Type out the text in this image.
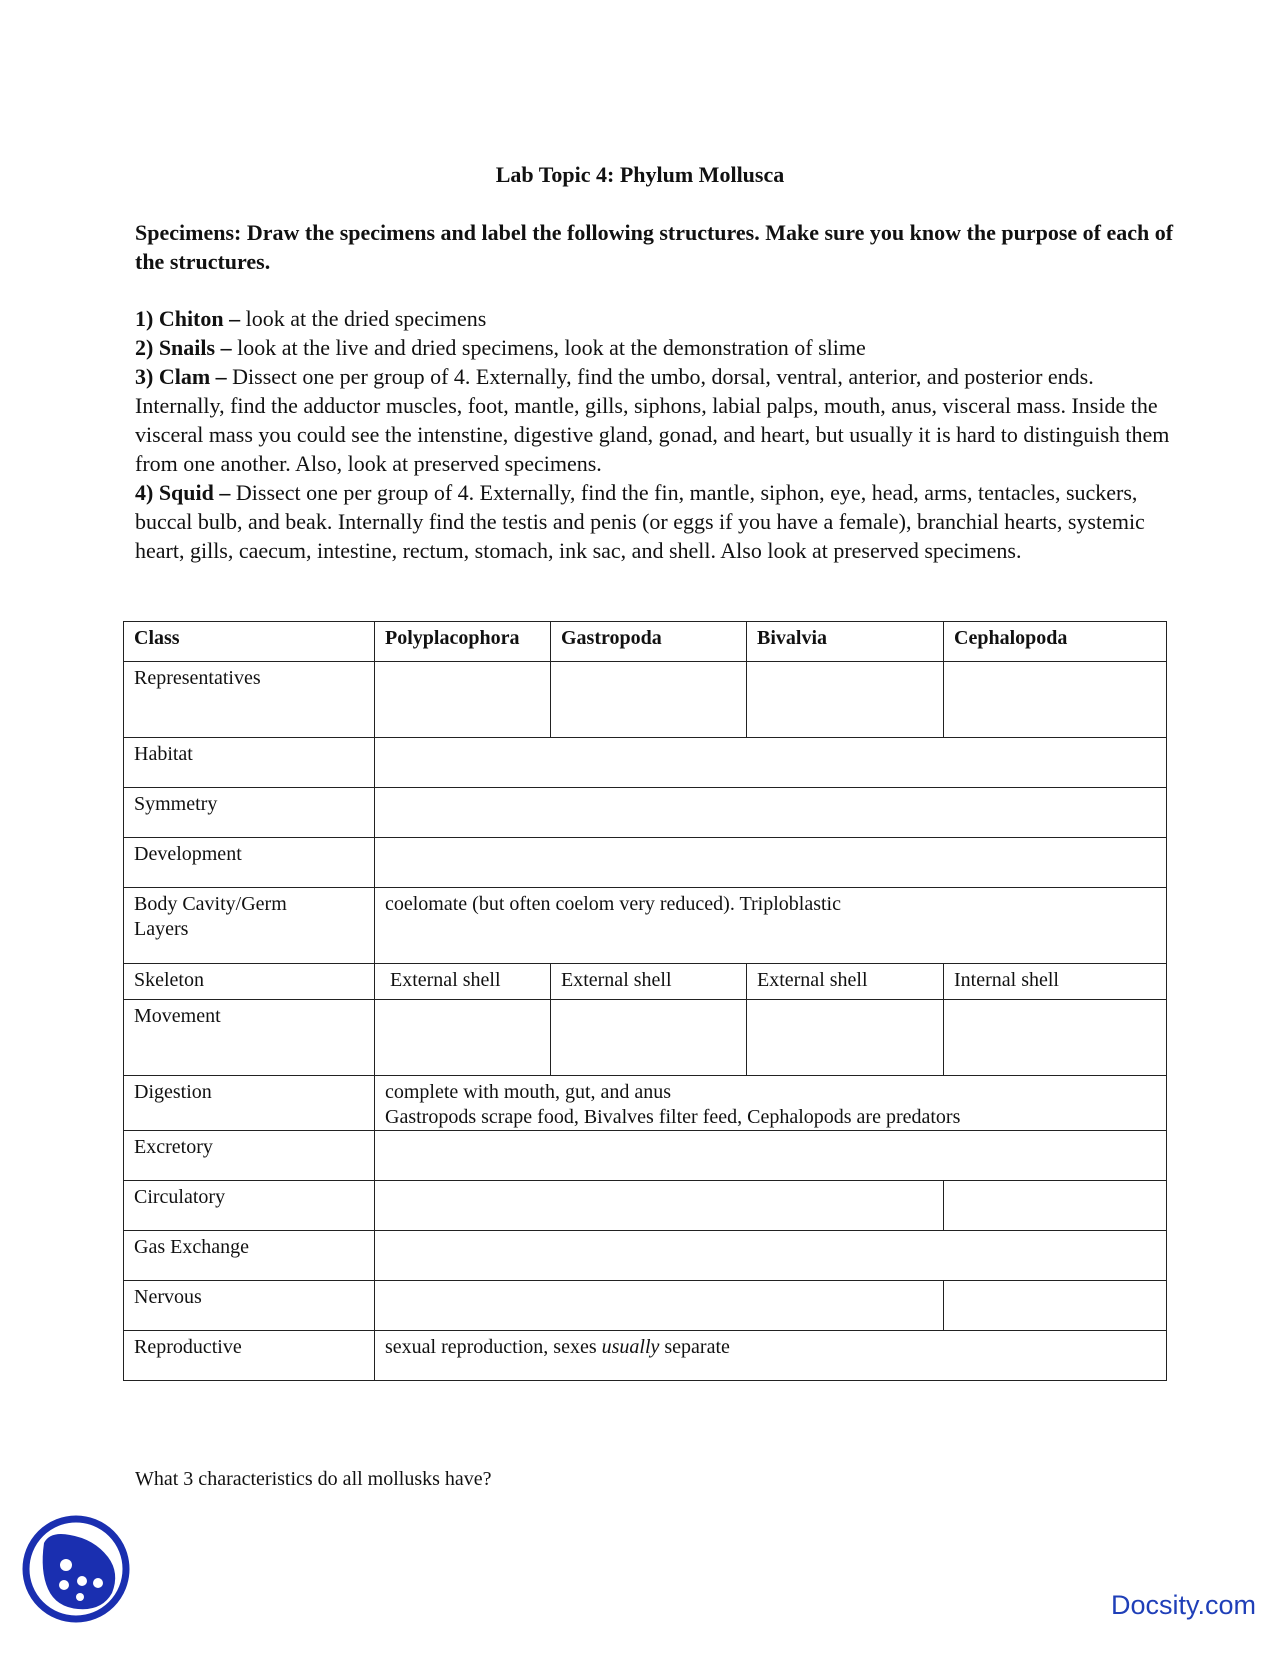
Lab Topic 4: Phylum Mollusca
Specimens: Draw the specimens and label the following structures. Make sure you know the purpose of each of the structures.

1) Chiton – look at the dried specimens

2) Snails – look at the live and dried specimens, look at the demonstration of slime

3) Clam – Dissect one per group of 4. Externally, find the umbo, dorsal, ventral, anterior, and posterior ends. Internally, find the adductor muscles, foot, mantle, gills, siphons, labial palps, mouth, anus, visceral mass. Inside the visceral mass you could see the intenstine, digestive gland, gonad, and heart, but usually it is hard to distinguish them from one another. Also, look at preserved specimens.

4) Squid – Dissect one per group of 4. Externally, find the fin, mantle, siphon, eye, head, arms, tentacles, suckers, buccal bulb, and beak. Internally find the testis and penis (or eggs if you have a female), branchial hearts, systemic heart, gills, caecum, intestine, rectum, stomach, ink sac, and shell. Also look at preserved specimens.

Class	Polyplacophora	Gastropoda	Bivalvia	Cephalopoda
Representatives				
Habitat				
Symmetry				
Development				
Body Cavity/Germ
Layers	coelomate (but often coelom very reduced). Triploblastic			
Skeleton	External shell	External shell	External shell	Internal shell
Movement				
Digestion	complete with mouth, gut, and anus
Gastropods scrape food, Bivalves filter feed, Cephalopods are predators			
Excretory				
Circulatory				
Gas Exchange				
Nervous				
Reproductive	sexual reproduction, sexes usually separate			
What 3 characteristics do all mollusks have?
Docsity.com
